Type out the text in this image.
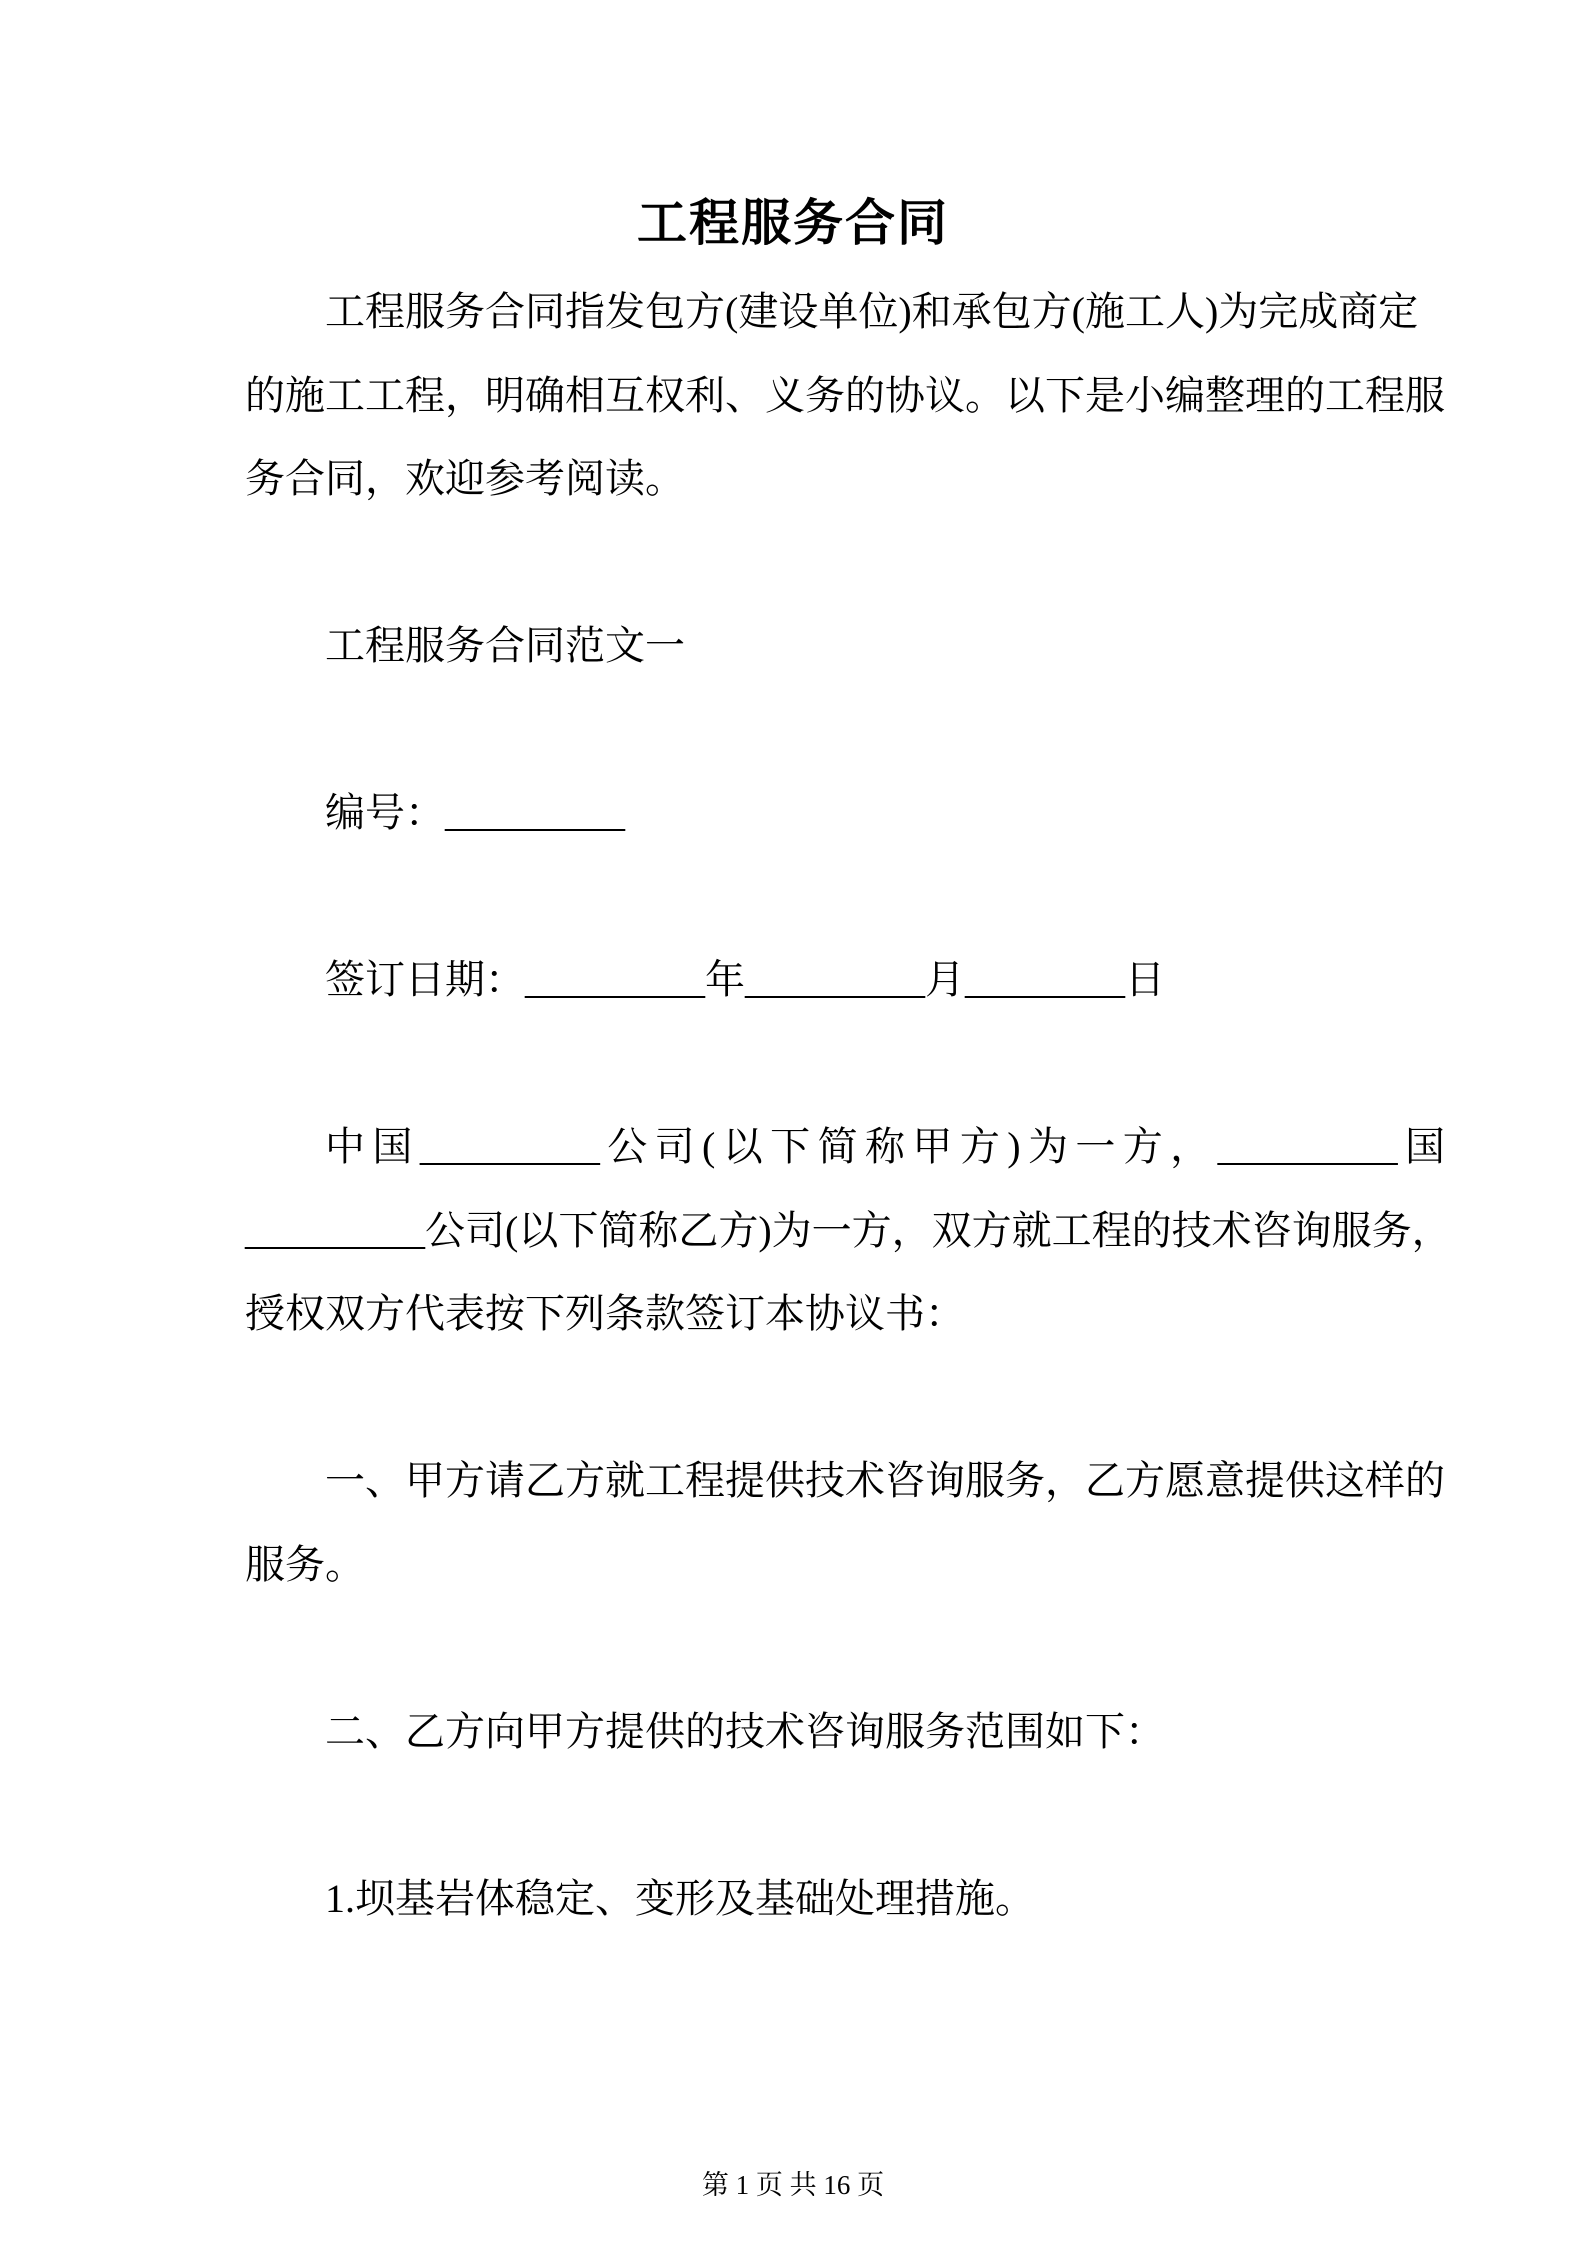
工程服务合同
工程服务合同指发包方(建设单位)和承包方(施工人)为完成商定
的施工工程，明确相互权利、义务的协议。以下是小编整理的工程服
务合同，欢迎参考阅读。
工程服务合同范文一
编号：_________
签订日期：_________年_________月________日
中国_________公司(以下简称甲方)为一方，_________国
_________公司(以下简称乙方)为一方，双方就工程的技术咨询服务，
授权双方代表按下列条款签订本协议书：
一、甲方请乙方就工程提供技术咨询服务，乙方愿意提供这样的
服务。
二、乙方向甲方提供的技术咨询服务范围如下：
1.坝基岩体稳定、变形及基础处理措施。
第 1 页 共 16 页
